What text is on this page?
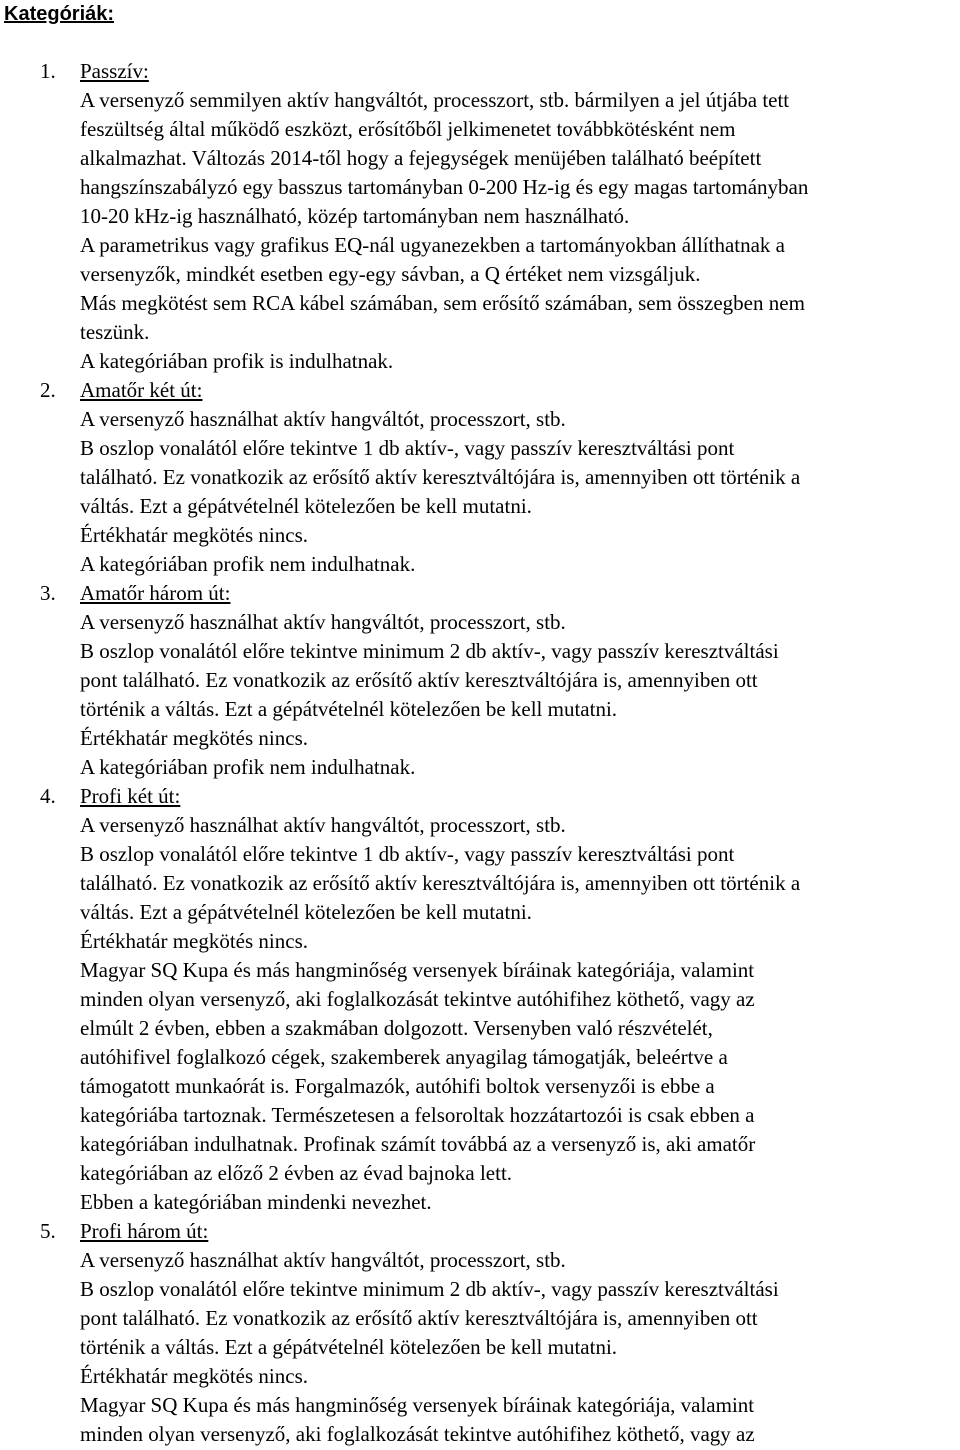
Kategóriák:
1. Passzív:
A versenyző semmilyen aktív hangváltót, processzort, stb. bármilyen a jel útjába tett
feszültség által működő eszközt, erősítőből jelkimenetet továbbkötésként nem
alkalmazhat. Változás 2014-től hogy a fejegységek menüjében található beépített
hangszínszabályzó egy basszus tartományban 0-200 Hz-ig és egy magas tartományban
10-20 kHz-ig használható, közép tartományban nem használható.
A parametrikus vagy grafikus EQ-nál ugyanezekben a tartományokban állíthatnak a
versenyzők, mindkét esetben egy-egy sávban, a Q értéket nem vizsgáljuk.
Más megkötést sem RCA kábel számában, sem erősítő számában, sem összegben nem
teszünk.
A kategóriában profik is indulhatnak.
2. Amatőr két út:
A versenyző használhat aktív hangváltót, processzort, stb.
B oszlop vonalától előre tekintve 1 db aktív-, vagy passzív keresztváltási pont
található. Ez vonatkozik az erősítő aktív keresztváltójára is, amennyiben ott történik a
váltás. Ezt a gépátvételnél kötelezően be kell mutatni.
Értékhatár megkötés nincs.
A kategóriában profik nem indulhatnak.
3. Amatőr három út:
A versenyző használhat aktív hangváltót, processzort, stb.
B oszlop vonalától előre tekintve minimum 2 db aktív-, vagy passzív keresztváltási
pont található. Ez vonatkozik az erősítő aktív keresztváltójára is, amennyiben ott
történik a váltás. Ezt a gépátvételnél kötelezően be kell mutatni.
Értékhatár megkötés nincs.
A kategóriában profik nem indulhatnak.
4. Profi két út:
A versenyző használhat aktív hangváltót, processzort, stb.
B oszlop vonalától előre tekintve 1 db aktív-, vagy passzív keresztváltási pont
található. Ez vonatkozik az erősítő aktív keresztváltójára is, amennyiben ott történik a
váltás. Ezt a gépátvételnél kötelezően be kell mutatni.
Értékhatár megkötés nincs.
Magyar SQ Kupa és más hangminőség versenyek bíráinak kategóriája, valamint
minden olyan versenyző, aki foglalkozását tekintve autóhifihez köthető, vagy az
elmúlt 2 évben, ebben a szakmában dolgozott. Versenyben való részvételét,
autóhifivel foglalkozó cégek, szakemberek anyagilag támogatják, beleértve a
támogatott munkaórát is. Forgalmazók, autóhifi boltok versenyzői is ebbe a
kategóriába tartoznak. Természetesen a felsoroltak hozzátartozói is csak ebben a
kategóriában indulhatnak. Profinak számít továbbá az a versenyző is, aki amatőr
kategóriában az előző 2 évben az évad bajnoka lett.
Ebben a kategóriában mindenki nevezhet.
5. Profi három út:
A versenyző használhat aktív hangváltót, processzort, stb.
B oszlop vonalától előre tekintve minimum 2 db aktív-, vagy passzív keresztváltási
pont található. Ez vonatkozik az erősítő aktív keresztváltójára is, amennyiben ott
történik a váltás. Ezt a gépátvételnél kötelezően be kell mutatni.
Értékhatár megkötés nincs.
Magyar SQ Kupa és más hangminőség versenyek bíráinak kategóriája, valamint
minden olyan versenyző, aki foglalkozását tekintve autóhifihez köthető, vagy az
